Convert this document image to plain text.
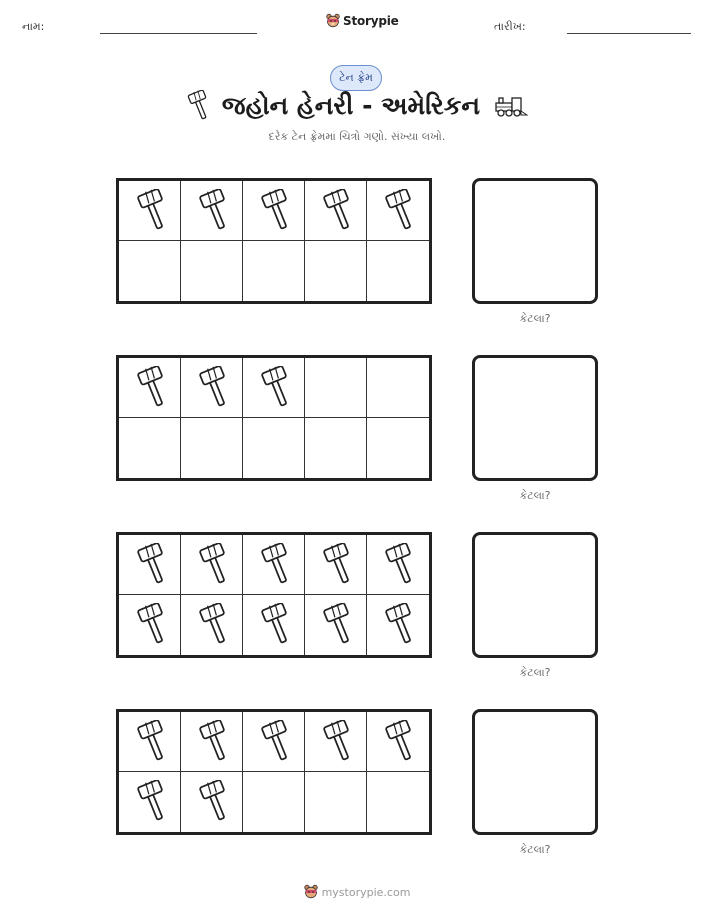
નામ:	Storypie	તારીખ:
ટેન ફ્રેમ
જહોન હેનરી - અમેરિકન
દરેક ટેન ફ્રેમમાં ચિત્રો ગણો. સંખ્યા લખો.
કેટલા?
કેટલા?
કેટલા?
કેટલા?
mystorypie.com
